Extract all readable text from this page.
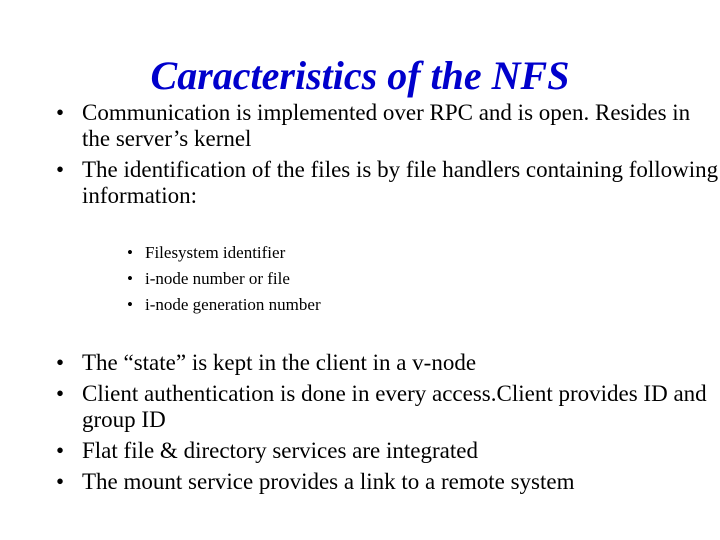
Caracteristics of the NFS
• Communication is implemented over RPC and is open. Resides in the server’s kernel
• The identification of the files is by file handlers containing following information:
• Filesystem identifier
• i-node number or file
• i-node generation number
• The “state” is kept in the client in a v-node
• Client authentication is done in every access.Client provides ID and group ID
• Flat file & directory services are integrated
• The mount service provides a link to a remote system
